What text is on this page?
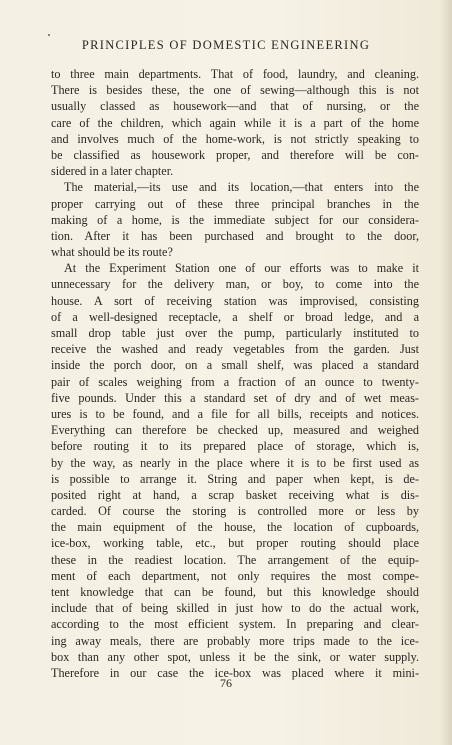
PRINCIPLES OF DOMESTIC ENGINEERING
to three main departments. That of food, laundry, and cleaning.
There is besides these, the one of sewing—although this is not
usually classed as housework—and that of nursing, or the
care of the children, which again while it is a part of the home
and involves much of the home-work, is not strictly speaking to
be classified as housework proper, and therefore will be con-
sidered in a later chapter.
The material,—its use and its location,—that enters into the
proper carrying out of these three principal branches in the
making of a home, is the immediate subject for our considera-
tion. After it has been purchased and brought to the door,
what should be its route?
At the Experiment Station one of our efforts was to make it
unnecessary for the delivery man, or boy, to come into the
house. A sort of receiving station was improvised, consisting
of a well-designed receptacle, a shelf or broad ledge, and a
small drop table just over the pump, particularly instituted to
receive the washed and ready vegetables from the garden. Just
inside the porch door, on a small shelf, was placed a standard
pair of scales weighing from a fraction of an ounce to twenty-
five pounds. Under this a standard set of dry and of wet meas-
ures is to be found, and a file for all bills, receipts and notices.
Everything can therefore be checked up, measured and weighed
before routing it to its prepared place of storage, which is,
by the way, as nearly in the place where it is to be first used as
is possible to arrange it. String and paper when kept, is de-
posited right at hand, a scrap basket receiving what is dis-
carded. Of course the storing is controlled more or less by
the main equipment of the house, the location of cupboards,
ice-box, working table, etc., but proper routing should place
these in the readiest location. The arrangement of the equip-
ment of each department, not only requires the most compe-
tent knowledge that can be found, but this knowledge should
include that of being skilled in just how to do the actual work,
according to the most efficient system. In preparing and clear-
ing away meals, there are probably more trips made to the ice-
box than any other spot, unless it be the sink, or water supply.
Therefore in our case the ice-box was placed where it mini-
76
